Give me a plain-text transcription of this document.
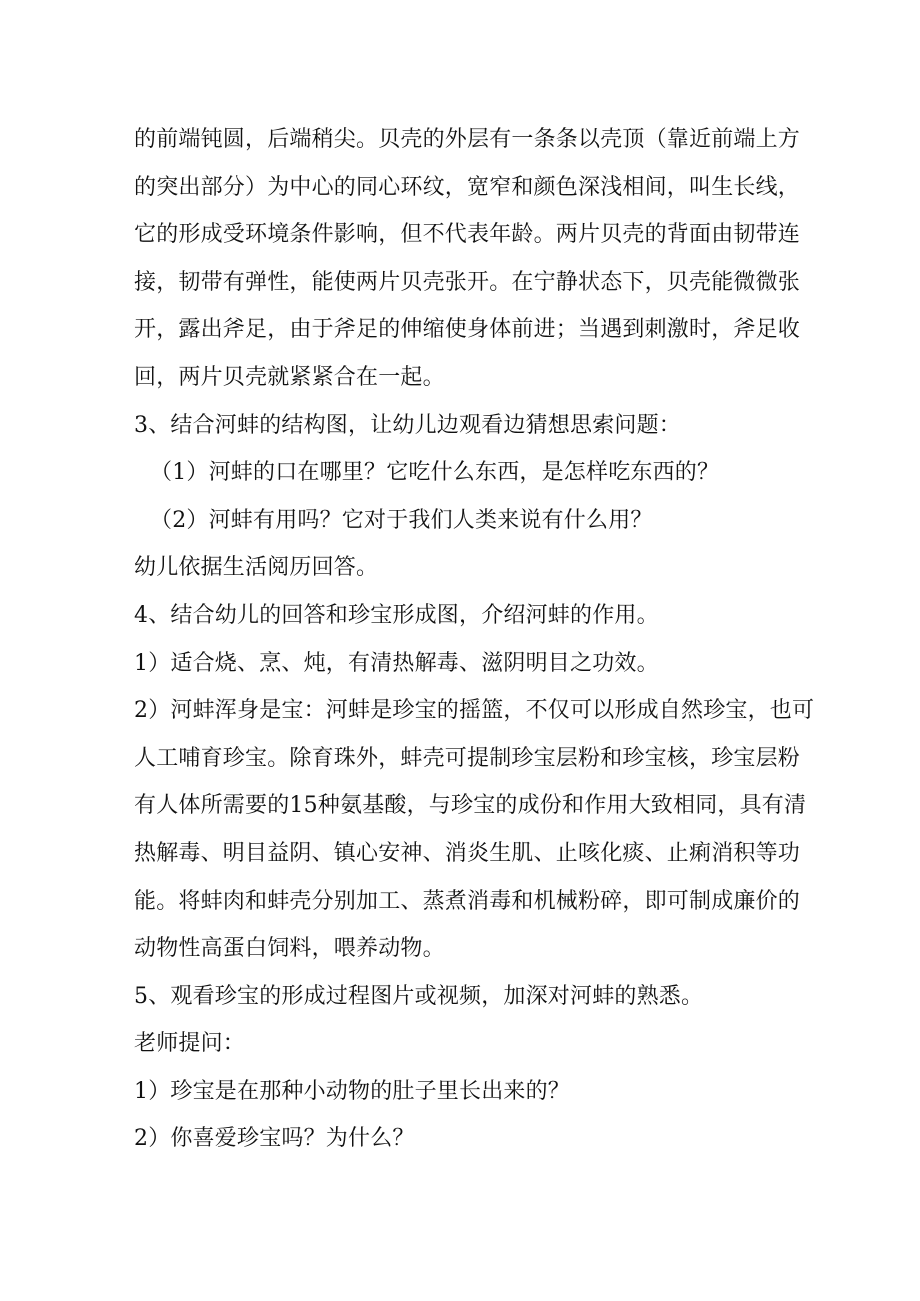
的前端钝圆，后端稍尖。贝壳的外层有一条条以壳顶（靠近前端上方
的突出部分）为中心的同心环纹，宽窄和颜色深浅相间，叫生长线，
它的形成受环境条件影响，但不代表年龄。两片贝壳的背面由韧带连
接，韧带有弹性，能使两片贝壳张开。在宁静状态下，贝壳能微微张
开，露出斧足，由于斧足的伸缩使身体前进；当遇到刺激时，斧足收
回，两片贝壳就紧紧合在一起。
3、结合河蚌的结构图，让幼儿边观看边猜想思索问题：
（1）河蚌的口在哪里？它吃什么东西，是怎样吃东西的？
（2）河蚌有用吗？它对于我们人类来说有什么用？
幼儿依据生活阅历回答。
4、结合幼儿的回答和珍宝形成图，介绍河蚌的作用。
1）适合烧、烹、炖，有清热解毒、滋阴明目之功效。
2）河蚌浑身是宝：河蚌是珍宝的摇篮，不仅可以形成自然珍宝，也可
人工哺育珍宝。除育珠外，蚌壳可提制珍宝层粉和珍宝核，珍宝层粉
有人体所需要的15种氨基酸，与珍宝的成份和作用大致相同，具有清
热解毒、明目益阴、镇心安神、消炎生肌、止咳化痰、止痢消积等功
能。将蚌肉和蚌壳分别加工、蒸煮消毒和机械粉碎，即可制成廉价的
动物性高蛋白饲料，喂养动物。
5、观看珍宝的形成过程图片或视频，加深对河蚌的熟悉。
老师提问：
1）珍宝是在那种小动物的肚子里长出来的？
2）你喜爱珍宝吗？为什么？
